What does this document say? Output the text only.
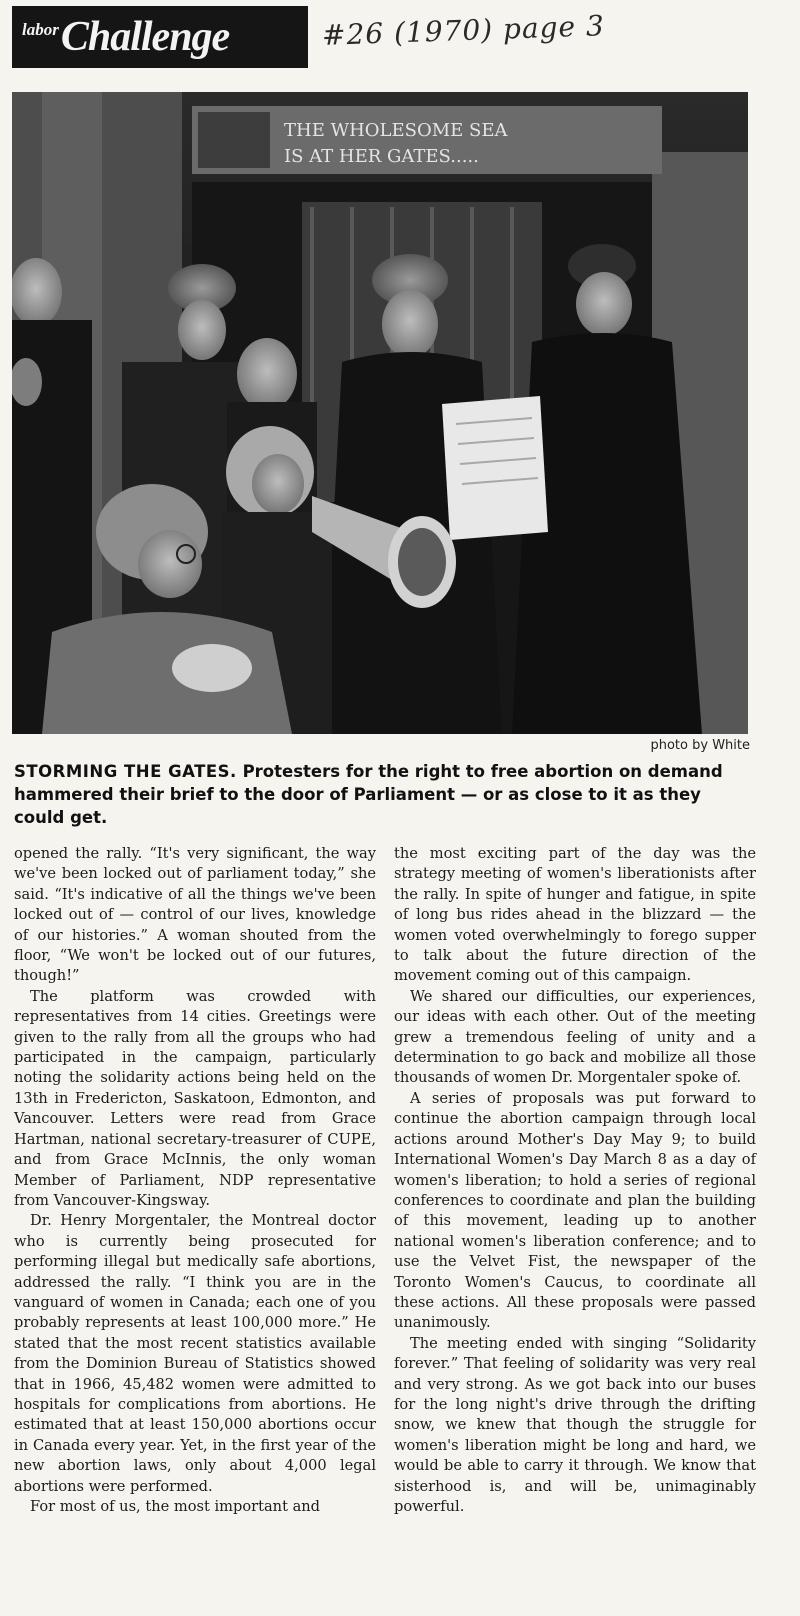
labor Challenge	#26 (1970) page 3
THE WHOLESOME SEA
IS AT HER GATES.....
photo by White

STORMING THE GATES. Protesters for the right to free abortion on demand hammered their brief to the door of Parliament — or as close to it as they could get.

opened the rally. “It's very significant, the way we've been locked out of parliament today,” she said. “It's indicative of all the things we've been locked out of — control of our lives, knowledge of our histories.” A woman shouted from the floor, “We won't be locked out of our futures, though!”

The platform was crowded with representatives from 14 cities. Greetings were given to the rally from all the groups who had participated in the campaign, particularly noting the solidarity actions being held on the 13th in Fredericton, Saskatoon, Edmonton, and Vancouver. Letters were read from Grace Hartman, national secretary-treasurer of CUPE, and from Grace McInnis, the only woman Member of Parliament, NDP representative from Vancouver-Kingsway.

Dr. Henry Morgentaler, the Montreal doctor who is currently being prosecuted for performing illegal but medically safe abortions, addressed the rally. “I think you are in the vanguard of women in Canada; each one of you probably represents at least 100,000 more.” He stated that the most recent statistics available from the Dominion Bureau of Statistics showed that in 1966, 45,482 women were admitted to hospitals for complications from abortions. He estimated that at least 150,000 abortions occur in Canada every year. Yet, in the first year of the new abortion laws, only about 4,000 legal abortions were performed.

For most of us, the most important and

the most exciting part of the day was the strategy meeting of women's liberationists after the rally. In spite of hunger and fatigue, in spite of long bus rides ahead in the blizzard — the women voted overwhelmingly to forego supper to talk about the future direction of the movement coming out of this campaign.

We shared our difficulties, our experiences, our ideas with each other. Out of the meeting grew a tremendous feeling of unity and a determination to go back and mobilize all those thousands of women Dr. Morgentaler spoke of.

A series of proposals was put forward to continue the abortion campaign through local actions around Mother's Day May 9; to build International Women's Day March 8 as a day of women's liberation; to hold a series of regional conferences to coordinate and plan the building of this movement, leading up to another national women's liberation conference; and to use the Velvet Fist, the newspaper of the Toronto Women's Caucus, to coordinate all these actions. All these proposals were passed unanimously.

The meeting ended with singing “Solidarity forever.” That feeling of solidarity was very real and very strong. As we got back into our buses for the long night's drive through the drifting snow, we knew that though the struggle for women's liberation might be long and hard, we would be able to carry it through. We know that sisterhood is, and will be, unimaginably powerful.
